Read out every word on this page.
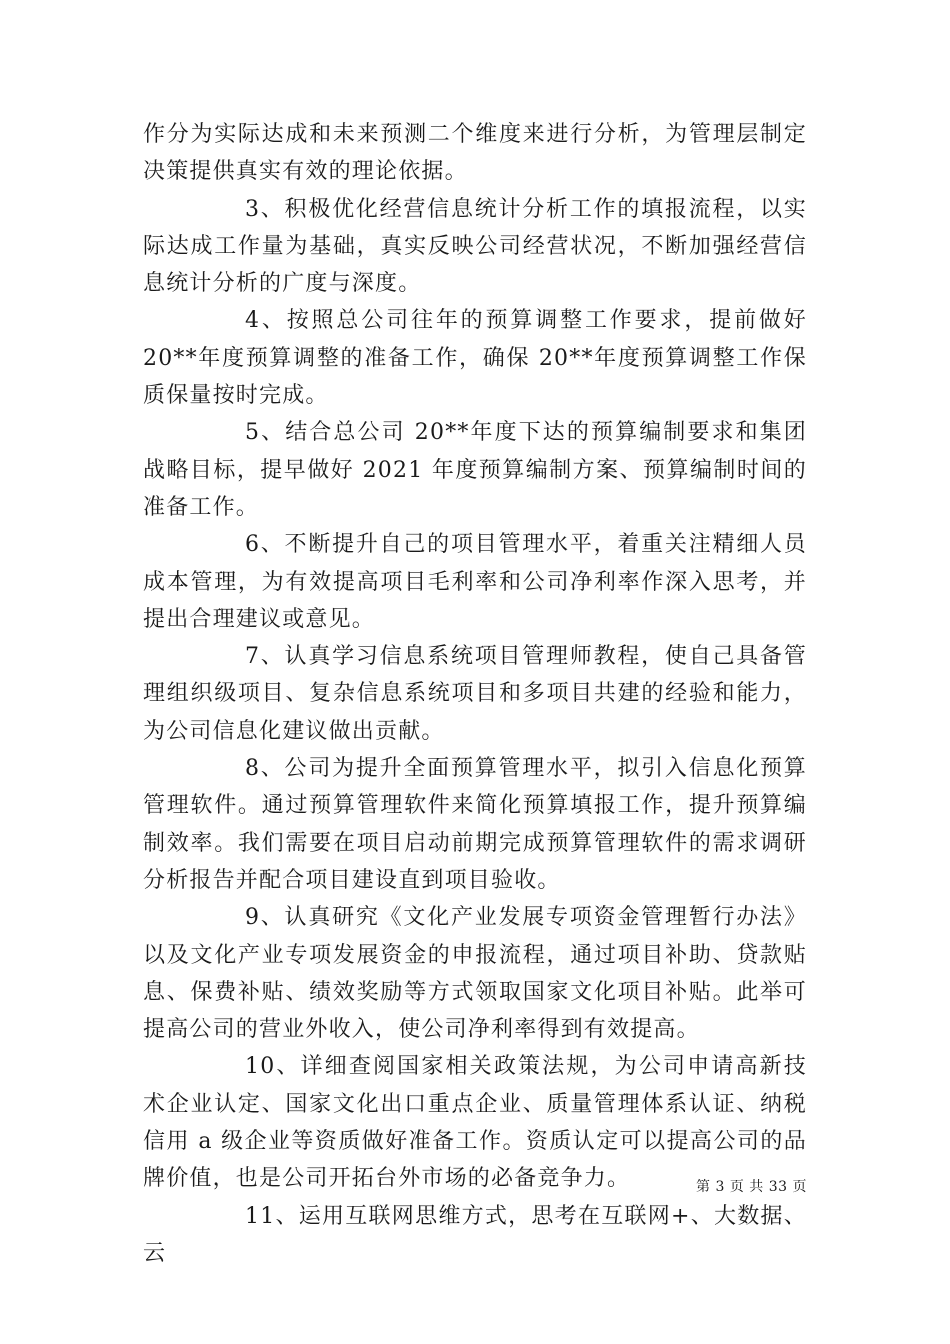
作分为实际达成和未来预测二个维度来进行分析，为管理层制定决策提供真实有效的理论依据。

3、积极优化经营信息统计分析工作的填报流程，以实际达成工作量为基础，真实反映公司经营状况，不断加强经营信息统计分析的广度与深度。

4、按照总公司往年的预算调整工作要求，提前做好 20**年度预算调整的准备工作，确保 20**年度预算调整工作保质保量按时完成。

5、结合总公司 20**年度下达的预算编制要求和集团战略目标，提早做好 2021 年度预算编制方案、预算编制时间的准备工作。

6、不断提升自己的项目管理水平，着重关注精细人员成本管理，为有效提高项目毛利率和公司净利率作深入思考，并提出合理建议或意见。

7、认真学习信息系统项目管理师教程，使自己具备管理组织级项目、复杂信息系统项目和多项目共建的经验和能力，为公司信息化建议做出贡献。

8、公司为提升全面预算管理水平，拟引入信息化预算管理软件。通过预算管理软件来简化预算填报工作，提升预算编制效率。我们需要在项目启动前期完成预算管理软件的需求调研分析报告并配合项目建设直到项目验收。

9、认真研究《文化产业发展专项资金管理暂行办法》以及文化产业专项发展资金的申报流程，通过项目补助、贷款贴息、保费补贴、绩效奖励等方式领取国家文化项目补贴。此举可提高公司的营业外收入，使公司净利率得到有效提高。

10、详细查阅国家相关政策法规，为公司申请高新技术企业认定、国家文化出口重点企业、质量管理体系认证、纳税信用 a 级企业等资质做好准备工作。资质认定可以提高公司的品牌价值，也是公司开拓台外市场的必备竞争力。

11、运用互联网思维方式，思考在互联网+、大数据、云

第 3 页 共 33 页
